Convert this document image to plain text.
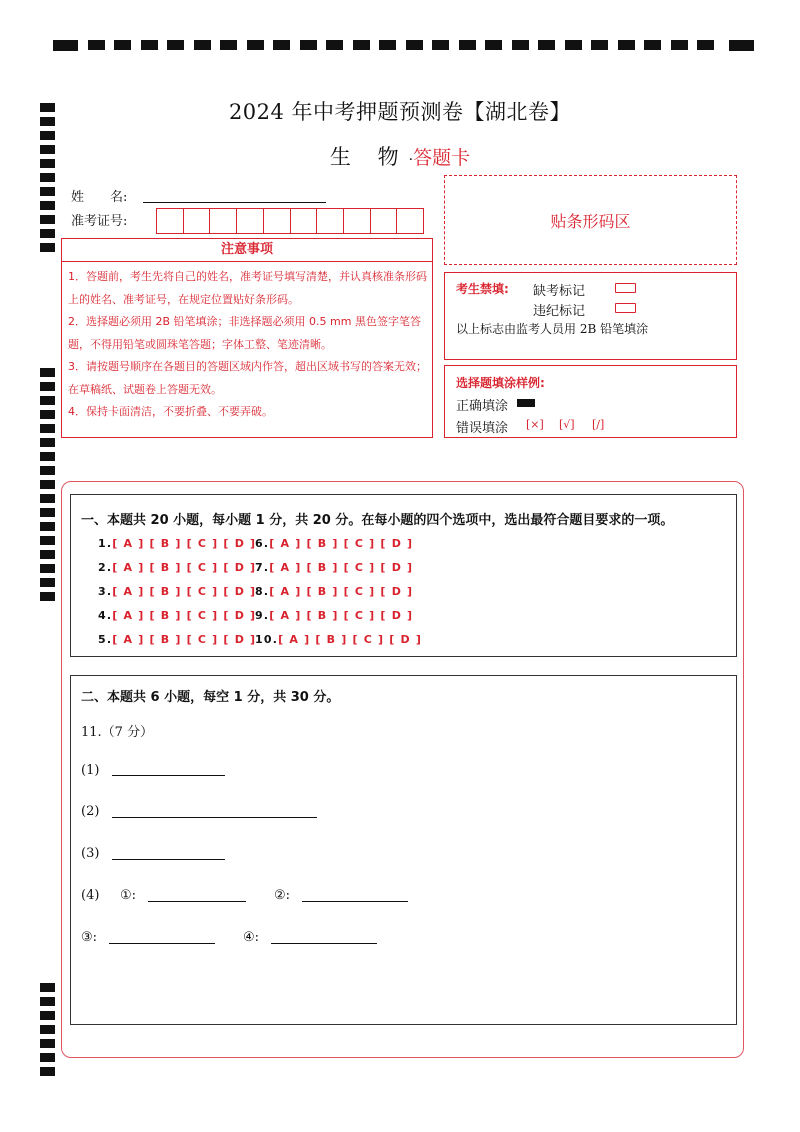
2024 年中考押题预测卷【湖北卷】
生 物·答题卡
姓　　名:
准考证号:	贴条形码区
注意事项

1．答题前，考生先将自己的姓名，准考证号填写清楚，并认真核准条形码上的姓名、准考证号，在规定位置贴好条形码。

2．选择题必须用 2B 铅笔填涂；非选择题必须用 0.5 mm 黑色签字笔答题，不得用铅笔或圆珠笔答题；字体工整、笔迹清晰。

3．请按题号顺序在各题目的答题区域内作答，超出区域书写的答案无效；在草稿纸、试题卷上答题无效。

4．保持卡面清洁，不要折叠、不要弄破。

考生禁填: 缺考标记
违纪标记
以上标志由监考人员用 2B 铅笔填涂
选择题填涂样例:
正确填涂
错误填涂 [×] [√] [/]
一、本题共 20 小题，每小题 1 分，共 20 分。在每小题的四个选项中，选出最符合题目要求的一项。
1.[ A ] [ B ] [ C ] [ D ]
6.[ A ] [ B ] [ C ] [ D ]
2.[ A ] [ B ] [ C ] [ D ]
7.[ A ] [ B ] [ C ] [ D ]
3.[ A ] [ B ] [ C ] [ D ]
8.[ A ] [ B ] [ C ] [ D ]
4.[ A ] [ B ] [ C ] [ D ]
9.[ A ] [ B ] [ C ] [ D ]
5.[ A ] [ B ] [ C ] [ D ]
10.[ A ] [ B ] [ C ] [ D ]
二、本题共 6 小题，每空 1 分，共 30 分。
11.（7 分）
(1)
(2)
(3)
(4) ①:	②:
③:	④:
